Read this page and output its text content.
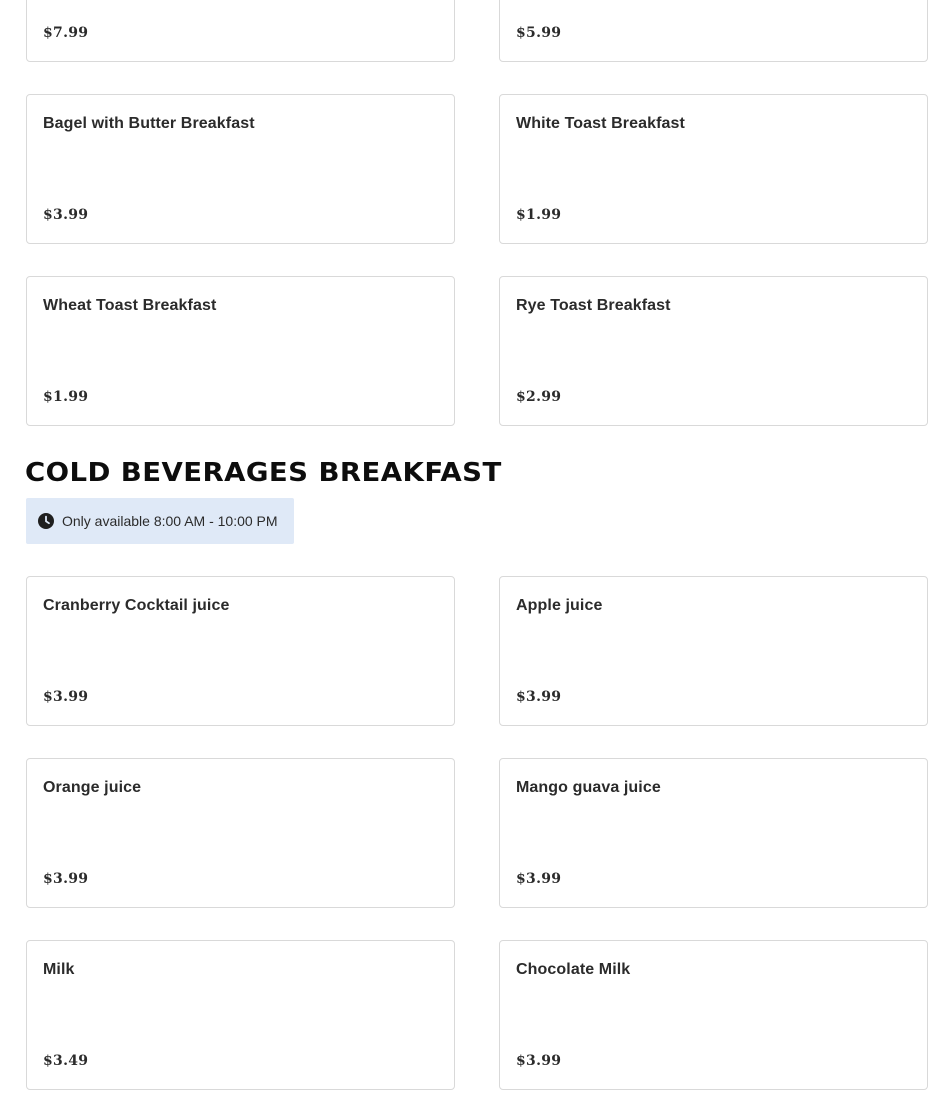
$7.99	$5.99
Bagel with Butter Breakfast
$3.99
White Toast Breakfast
$1.99
Wheat Toast Breakfast
$1.99
Rye Toast Breakfast
$2.99
COLD BEVERAGES BREAKFAST
Only available 8:00 AM - 10:00 PM
Cranberry Cocktail juice
$3.99
Apple juice
$3.99
Orange juice
$3.99
Mango guava juice
$3.99
Milk
$3.49
Chocolate Milk
$3.99
